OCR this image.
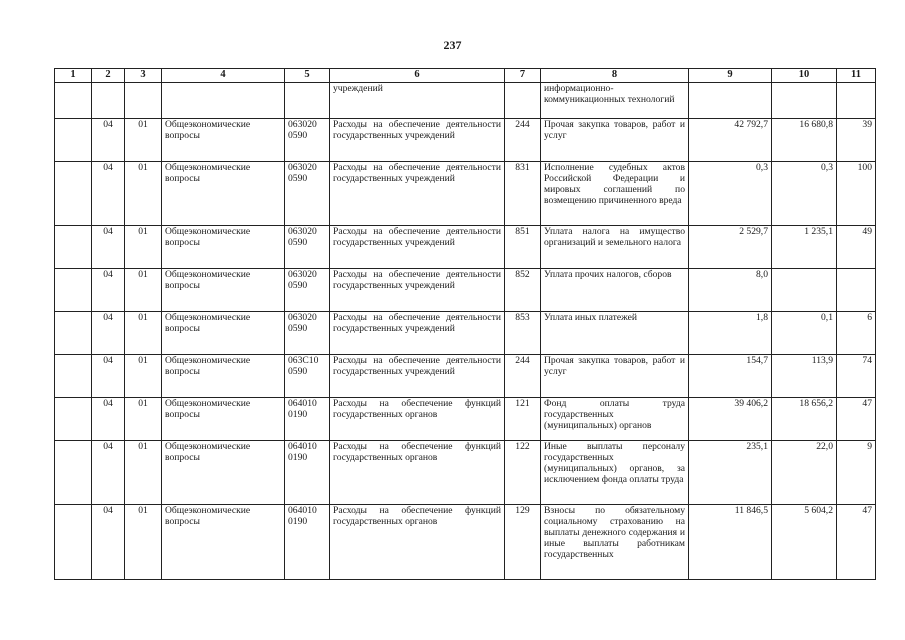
237
1	2	3	4	5	6	7	8	9	10	11
					учреждений		информационно-коммуникационных технологий			
	04	01	Общеэкономические вопросы	063020 0590	Расходы на обеспечение деятельности государственных учреждений	244	Прочая закупка товаров, работ и услуг	42 792,7	16 680,8	39
	04	01	Общеэкономические вопросы	063020 0590	Расходы на обеспечение деятельности государственных учреждений	831	Исполнение судебных актов Российской Федерации и мировых соглашений по возмещению причиненного вреда	0,3	0,3	100
	04	01	Общеэкономические вопросы	063020 0590	Расходы на обеспечение деятельности государственных учреждений	851	Уплата налога на имущество организаций и земельного налога	2 529,7	1 235,1	49
	04	01	Общеэкономические вопросы	063020 0590	Расходы на обеспечение деятельности государственных учреждений	852	Уплата прочих налогов, сборов	8,0		
	04	01	Общеэкономические вопросы	063020 0590	Расходы на обеспечение деятельности государственных учреждений	853	Уплата иных платежей	1,8	0,1	6
	04	01	Общеэкономические вопросы	063С10 0590	Расходы на обеспечение деятельности государственных учреждений	244	Прочая закупка товаров, работ и услуг	154,7	113,9	74
	04	01	Общеэкономические вопросы	064010 0190	Расходы на обеспечение функций государственных органов	121	Фонд оплаты труда государственных (муниципальных) органов	39 406,2	18 656,2	47
	04	01	Общеэкономические вопросы	064010 0190	Расходы на обеспечение функций государственных органов	122	Иные выплаты персоналу государственных (муниципальных) органов, за исключением фонда оплаты труда	235,1	22,0	9
	04	01	Общеэкономические вопросы	064010 0190	Расходы на обеспечение функций государственных органов	129	Взносы по обязательному социальному страхованию на выплаты денежного содержания и иные выплаты работникам государственных	11 846,5	5 604,2	47
